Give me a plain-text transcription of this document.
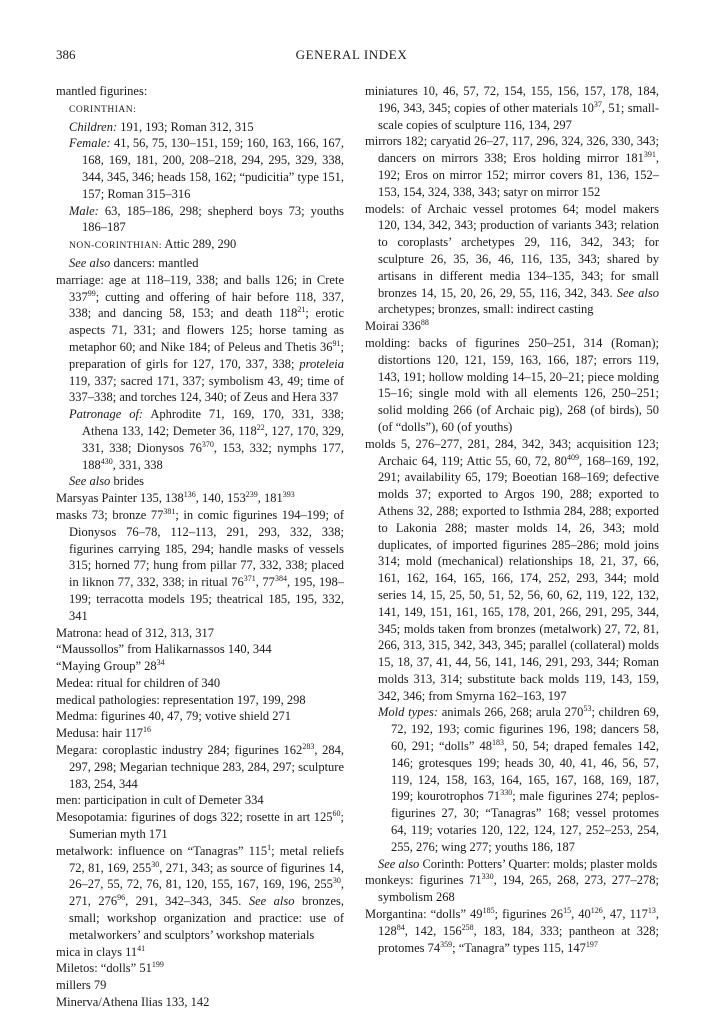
386	GENERAL INDEX
mantled figurines:
CORINTHIAN:
Children: 191, 193; Roman 312, 315
Female: 41, 56, 75, 130–151, 159; 160, 163, 166, 167, 168, 169, 181, 200, 208–218, 294, 295, 329, 338, 344, 345, 346; heads 158, 162; “pudicitia” type 151, 157; Roman 315–316
Male: 63, 185–186, 298; shepherd boys 73; youths 186–187
NON-CORINTHIAN: Attic 289, 290
See also dancers: mantled
marriage: age at 118–119, 338; and balls 126; in Crete $337^{99}$; cutting and offering of hair before 118, 337, 338; and dancing 58, 153; and death $118^{21}$; erotic aspects 71, 331; and flowers 125; horse taming as metaphor 60; and Nike 184; of Peleus and Thetis $36^{91}$; preparation of girls for 127, 170, 337, 338; proteleia 119, 337; sacred 171, 337; symbolism 43, 49; time of 337–338; and torches 124, 340; of Zeus and Hera 337
Patronage of: Aphrodite 71, 169, 170, 331, 338; Athena 133, 142; Demeter 36, $118^{22}$, 127, 170, 329, 331, 338; Dionysos $76^{370}$, 153, 332; nymphs 177, $188^{430}$, 331, 338
See also brides
Marsyas Painter 135, $138^{136}$, 140, $153^{239}$, $181^{393}$
masks 73; bronze $77^{381}$; in comic figurines 194–199; of Dionysos 76–78, 112–113, 291, 293, 332, 338; figurines carrying 185, 294; handle masks of vessels 315; horned 77; hung from pillar 77, 332, 338; placed in liknon 77, 332, 338; in ritual $76^{371}$, $77^{384}$, 195, 198–199; terracotta models 195; theatrical 185, 195, 332, 341
Matrona: head of 312, 313, 317
“Maussollos” from Halikarnassos 140, 344
“Maying Group” $28^{34}$
Medea: ritual for children of 340
medical pathologies: representation 197, 199, 298
Medma: figurines 40, 47, 79; votive shield 271
Medusa: hair $117^{16}$
Megara: coroplastic industry 284; figurines $162^{283}$, 284, 297, 298; Megarian technique 283, 284, 297; sculpture 183, 254, 344
men: participation in cult of Demeter 334
Mesopotamia: figurines of dogs 322; rosette in art $125^{60}$; Sumerian myth 171
metalwork: influence on “Tanagras” $115^1$; metal reliefs 72, 81, 169, $255^{30}$, 271, 343; as source of figurines 14, 26–27, 55, 72, 76, 81, 120, 155, 167, 169, 196, $255^{30}$, 271, $276^{96}$, 291, 342–343, 345. See also bronzes, small; workshop organization and practice: use of metalworkers’ and sculptors’ workshop materials
mica in clays $11^{41}$
Miletos: “dolls” $51^{199}$
millers 79
Minerva/Athena Ilias 133, 142
miniatures 10, 46, 57, 72, 154, 155, 156, 157, 178, 184, 196, 343, 345; copies of other materials $10^{37}$, 51; small-scale copies of sculpture 116, 134, 297
mirrors 182; caryatid 26–27, 117, 296, 324, 326, 330, 343; dancers on mirrors 338; Eros holding mirror $181^{391}$, 192; Eros on mirror 152; mirror covers 81, 136, 152–153, 154, 324, 338, 343; satyr on mirror 152
models: of Archaic vessel protomes 64; model makers 120, 134, 342, 343; production of variants 343; relation to coroplasts’ archetypes 29, 116, 342, 343; for sculpture 26, 35, 36, 46, 116, 135, 343; shared by artisans in different media 134–135, 343; for small bronzes 14, 15, 20, 26, 29, 55, 116, 342, 343. See also archetypes; bronzes, small: indirect casting
Moirai $336^{88}$
molding: backs of figurines 250–251, 314 (Roman); distortions 120, 121, 159, 163, 166, 187; errors 119, 143, 191; hollow molding 14–15, 20–21; piece molding 15–16; single mold with all elements 126, 250–251; solid molding 266 (of Archaic pig), 268 (of birds), 50 (of “dolls”), 60 (of youths)
molds 5, 276–277, 281, 284, 342, 343; acquisition 123; Archaic 64, 119; Attic 55, 60, 72, $80^{409}$, 168–169, 192, 291; availability 65, 179; Boeotian 168–169; defective molds 37; exported to Argos 190, 288; exported to Athens 32, 288; exported to Isthmia 284, 288; exported to Lakonia 288; master molds 14, 26, 343; mold duplicates, of imported figurines 285–286; mold joins 314; mold (mechanical) relationships 18, 21, 37, 66, 161, 162, 164, 165, 166, 174, 252, 293, 344; mold series 14, 15, 25, 50, 51, 52, 56, 60, 62, 119, 122, 132, 141, 149, 151, 161, 165, 178, 201, 266, 291, 295, 344, 345; molds taken from bronzes (metalwork) 27, 72, 81, 266, 313, 315, 342, 343, 345; parallel (collateral) molds 15, 18, 37, 41, 44, 56, 141, 146, 291, 293, 344; Roman molds 313, 314; substitute back molds 119, 143, 159, 342, 346; from Smyrna 162–163, 197
Mold types: animals 266, 268; arula $270^{53}$; children 69, 72, 192, 193; comic figurines 196, 198; dancers 58, 60, 291; “dolls” $48^{183}$, 50, 54; draped females 142, 146; grotesques 199; heads 30, 40, 41, 46, 56, 57, 119, 124, 158, 163, 164, 165, 167, 168, 169, 187, 199; kourotrophos $71^{330}$; male figurines 274; peplos-figurines 27, 30; “Tanagras” 168; vessel protomes 64, 119; votaries 120, 122, 124, 127, 252–253, 254, 255, 276; wing 277; youths 186, 187
See also Corinth: Potters’ Quarter: molds; plaster molds
monkeys: figurines $71^{330}$, 194, 265, 268, 273, 277–278; symbolism 268
Morgantina: “dolls” $49^{185}$; figurines $26^{15}$, $40^{126}$, 47, $117^{13}$, $128^{84}$, 142, $156^{258}$, 183, 184, 333; pantheon at 328; protomes $74^{359}$; “Tanagra” types 115, $147^{197}$
